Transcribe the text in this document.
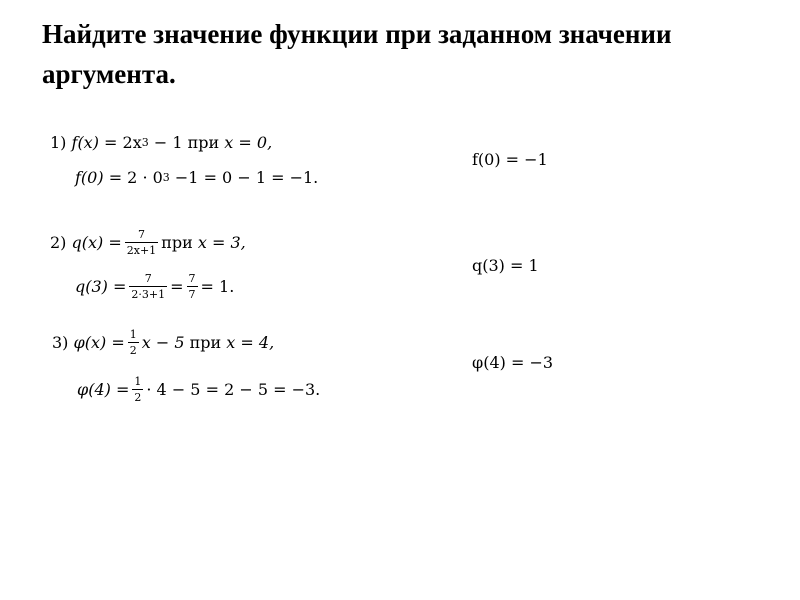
Найдите значение функции при заданном значении аргумента.
1)
f(x)
= 2x 3
− 1
при
x = 0,
f(0)
= 2 · 0 3
−1 = 0 − 1 = −1.
f(0) = −1
2)
q(x)
= $\frac{7}{2x+1}$ при
x = 3,
q(3)
= $\frac{7}{2\cdot 3+1} = \frac{7}{7} = 1$.
q(3) = 1
3)
φ(x)
= $\frac{1}{2}$ x − 5
при
x = 4,
φ(4)
= $\frac{1}{2} \cdot 4 - 5 = 2 - 5 = -3$.
φ(4) = −3
